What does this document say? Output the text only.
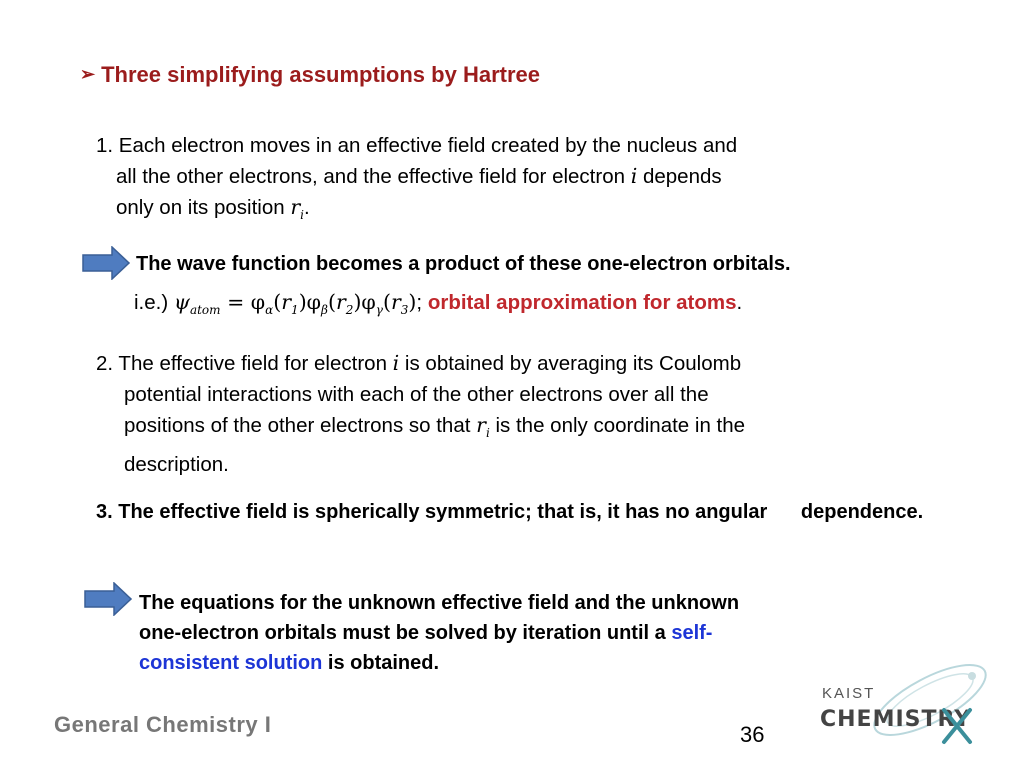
➢ Three simplifying assumptions by Hartree
1. Each electron moves in an effective field created by the nucleus and
all the other electrons, and the effective field for electron i depends
only on its position $r_i$.
The wave function becomes a product of these one-electron orbitals.
i.e.) $\psi_{atom} = \varphi_\alpha(r_1)\varphi_\beta(r_2)\varphi_\gamma(r_3)$; orbital approximation for atoms.
2. The effective field for electron i is obtained by averaging its Coulomb
potential interactions with each of the other electrons over all the
positions of the other electrons so that $r_i$ is the only coordinate in the
description.
3. The effective field is spherically symmetric; that is, it has no angular dependence.
The equations for the unknown effective field and the unknown
one-electron orbitals must be solved by iteration until a self-
consistent solution is obtained.
General Chemistry I	36
KAIST
CHEMISTRY
